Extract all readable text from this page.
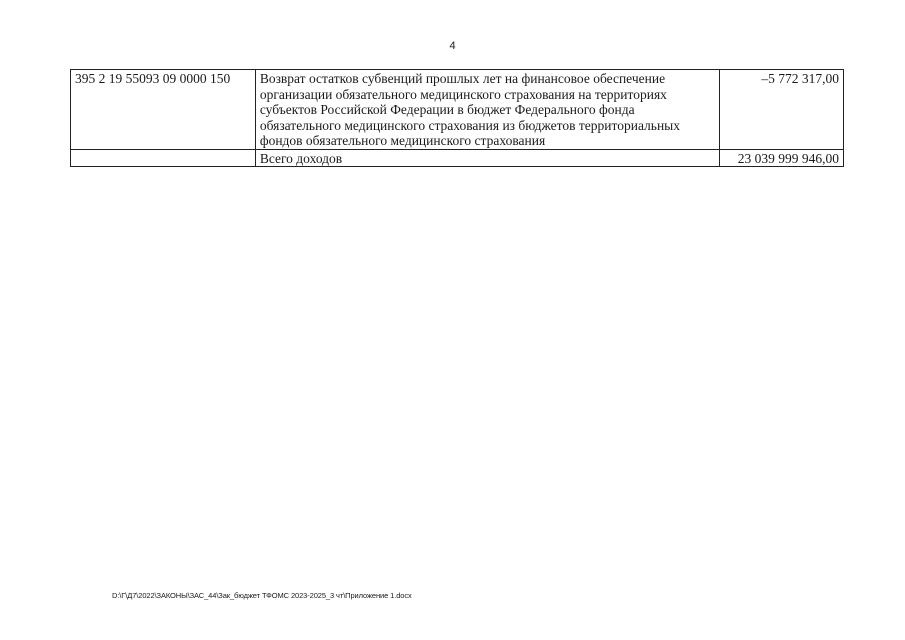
4
395 2 19 55093 09 0000 150	Возврат остатков субвенций прошлых лет на финансовое обеспечение организации обязательного медицинского страхования на территориях субъектов Российской Федерации в бюджет Федерального фонда обязательного медицинского страхования из бюджетов территориальных фондов обязательного медицинского страхования	–5 772 317,00
	Всего доходов	23 039 999 946,00
D:\Г\Д7\2022\ЗАКОНЫ\ЗАС_44\Зак_бюджет ТФОМС 2023-2025_3 чт\Приложение 1.docx
